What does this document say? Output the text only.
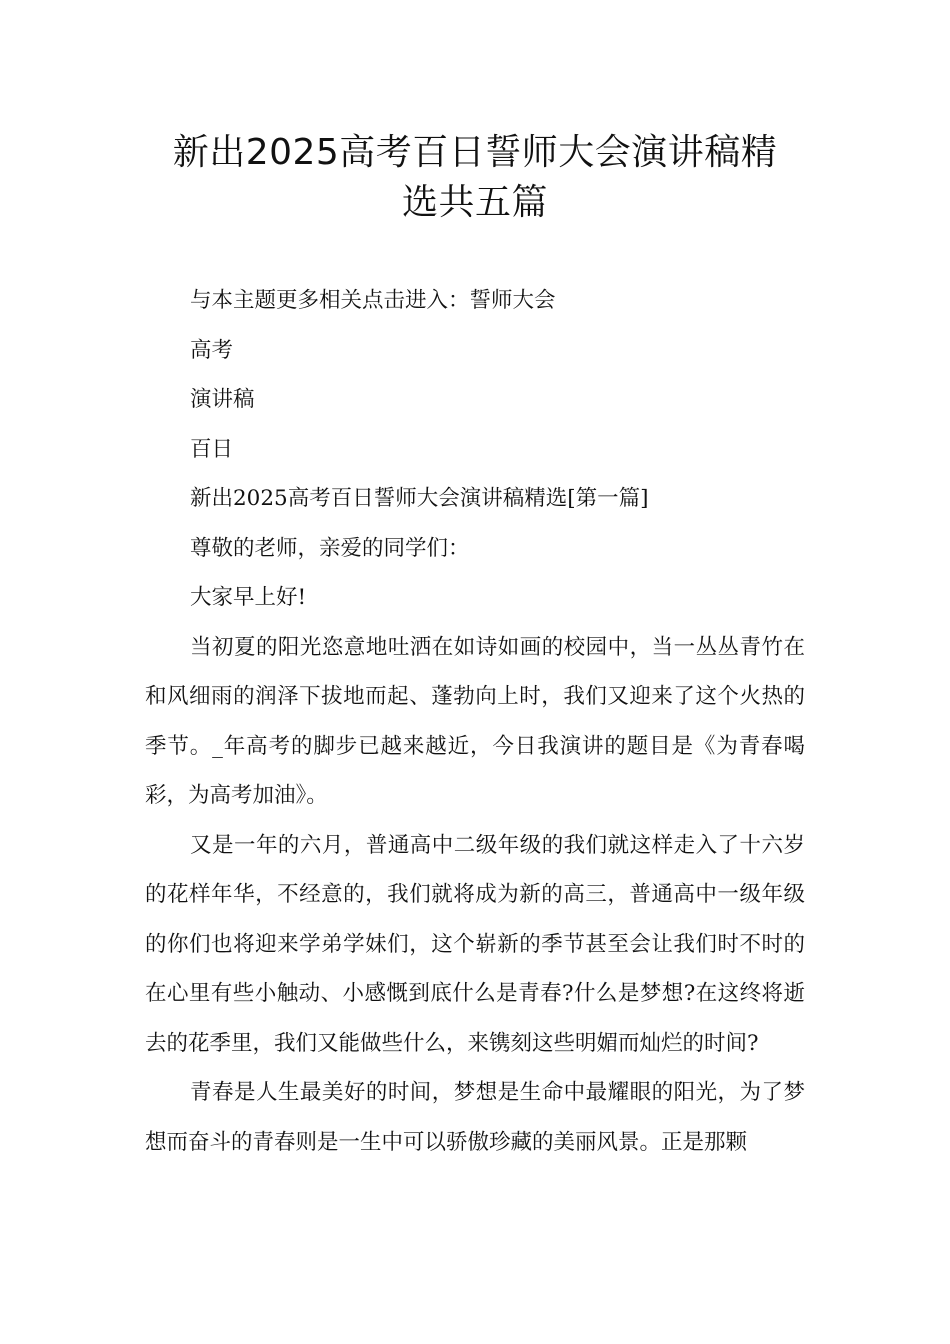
新出2025高考百日誓师大会演讲稿精
选共五篇

与本主题更多相关点击进入：誓师大会

高考

演讲稿

百日

新出2025高考百日誓师大会演讲稿精选[第一篇]

尊敬的老师，亲爱的同学们：

大家早上好!

当初夏的阳光恣意地吐洒在如诗如画的校园中，当一丛丛青竹在和风细雨的润泽下拔地而起、蓬勃向上时，我们又迎来了这个火热的季节。_年高考的脚步已越来越近，今日我演讲的题目是《为青春喝彩，为高考加油》。

又是一年的六月，普通高中二级年级的我们就这样走入了十六岁的花样年华，不经意的，我们就将成为新的高三，普通高中一级年级的你们也将迎来学弟学妹们，这个崭新的季节甚至会让我们时不时的在心里有些小触动、小感慨到底什么是青春?什么是梦想?在这终将逝去的花季里，我们又能做些什么，来镌刻这些明媚而灿烂的时间?

青春是人生最美好的时间，梦想是生命中最耀眼的阳光，为了梦想而奋斗的青春则是一生中可以骄傲珍藏的美丽风景。正是那颗
